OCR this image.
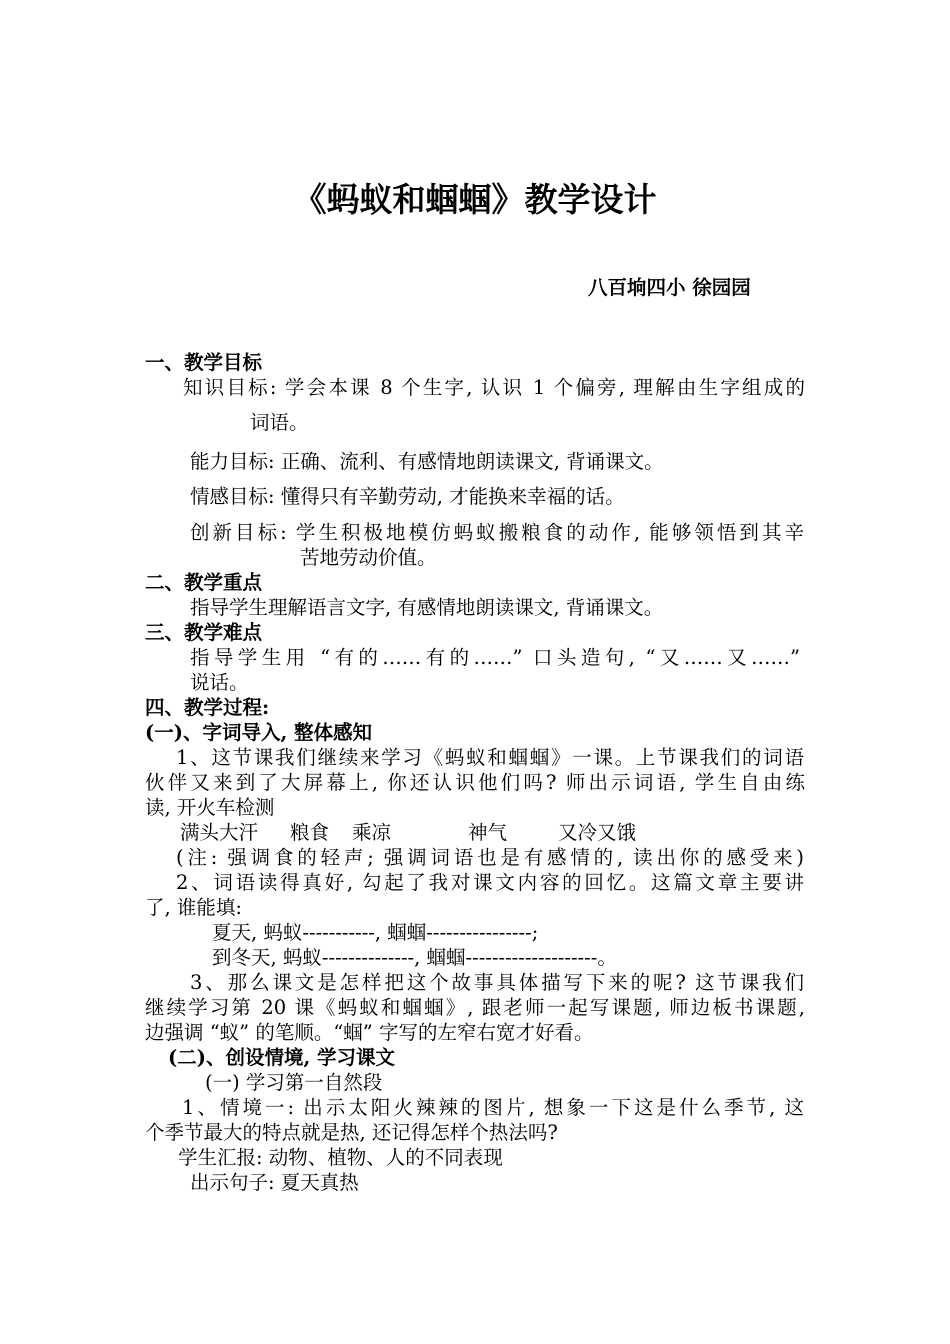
《蚂蚁和蝈蝈》教学设计
八百垧四小 徐园园
一、教学目标
知识目标: 学会本课 8 个生字, 认识 1 个偏旁, 理解由生字组成的
词语。
能力目标: 正确、流利、有感情地朗读课文, 背诵课文。
情感目标: 懂得只有辛勤劳动, 才能换来幸福的话。
创新目标: 学生积极地模仿蚂蚁搬粮食的动作, 能够领悟到其辛
苦地劳动价值。
二、教学重点
指导学生理解语言文字, 有感情地朗读课文, 背诵课文。
三、教学难点
指导学生用 “有的……有的……” 口头造句, “又……又……”
说话。
四、教学过程:
(一)、字词导入, 整体感知
1、这节课我们继续来学习《蚂蚁和蝈蝈》一课。上节课我们的词语
伙伴又来到了大屏幕上, 你还认识他们吗? 师出示词语, 学生自由练
读, 开火车检测
满头大汗 粮食 乘凉	神气	又冷又饿
(注: 强调食的轻声; 强调词语也是有感情的, 读出你的感受来)
2、词语读得真好, 勾起了我对课文内容的回忆。这篇文章主要讲
了, 谁能填:
夏天, 蚂蚁-----------, 蝈蝈----------------;
到冬天, 蚂蚁--------------, 蝈蝈--------------------。
3、那么课文是怎样把这个故事具体描写下来的呢? 这节课我们
继续学习第 20 课《蚂蚁和蝈蝈》, 跟老师一起写课题, 师边板书课题,
边强调 “蚁” 的笔顺。“蝈” 字写的左窄右宽才好看。
(二)、创设情境, 学习课文
(一) 学习第一自然段
1、情境一: 出示太阳火辣辣的图片, 想象一下这是什么季节, 这
个季节最大的特点就是热, 还记得怎样个热法吗?
学生汇报: 动物、植物、人的不同表现
出示句子: 夏天真热
